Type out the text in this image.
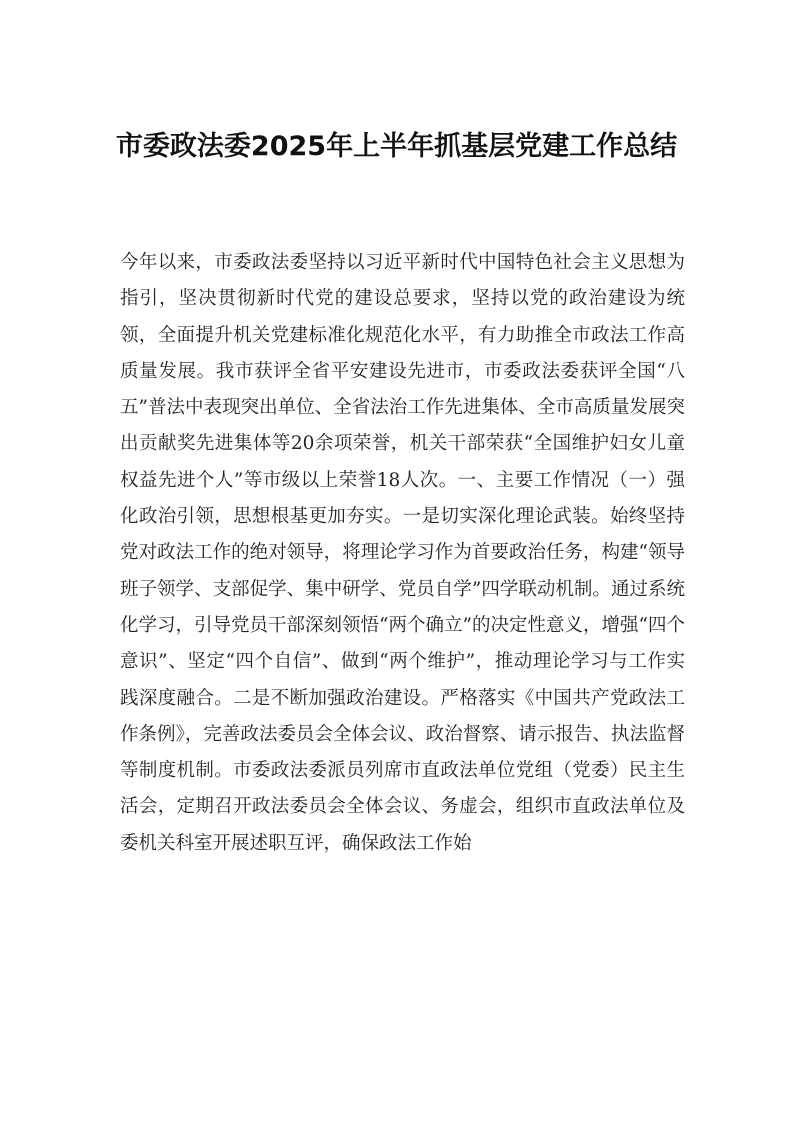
市委政法委2025年上半年抓基层党建工作总结

今年以来，市委政法委坚持以习近平新时代中国特色社会主义思想为指引，坚决贯彻新时代党的建设总要求，坚持以党的政治建设为统领，全面提升机关党建标准化规范化水平，有力助推全市政法工作高质量发展。我市获评全省平安建设先进市，市委政法委获评全国“八五”普法中表现突出单位、全省法治工作先进集体、全市高质量发展突出贡献奖先进集体等20余项荣誉，机关干部荣获“全国维护妇女儿童权益先进个人”等市级以上荣誉18人次。一、主要工作情况（一）强化政治引领，思想根基更加夯实。一是切实深化理论武装。始终坚持党对政法工作的绝对领导，将理论学习作为首要政治任务，构建“领导班子领学、支部促学、集中研学、党员自学”四学联动机制。通过系统化学习，引导党员干部深刻领悟“两个确立”的决定性意义，增强“四个意识”、坚定“四个自信”、做到“两个维护”，推动理论学习与工作实践深度融合。二是不断加强政治建设。严格落实《中国共产党政法工作条例》，完善政法委员会全体会议、政治督察、请示报告、执法监督等制度机制。市委政法委派员列席市直政法单位党组（党委）民主生活会，定期召开政法委员会全体会议、务虚会，组织市直政法单位及委机关科室开展述职互评，确保政法工作始
